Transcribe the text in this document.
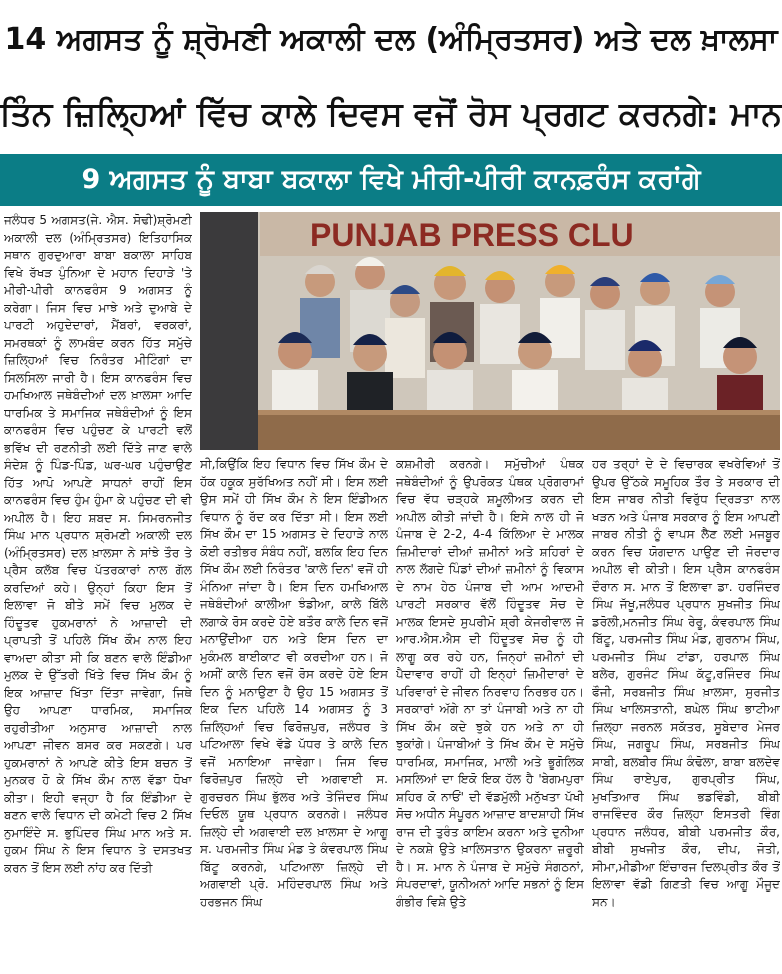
14 ਅਗਸਤ ਨੂੰ ਸ਼੍ਰੋਮਣੀ ਅਕਾਲੀ ਦਲ (ਅੰਮ੍ਰਿਤਸਰ) ਅਤੇ ਦਲ ਖ਼ਾਲਸਾ
ਤਿੰਨ ਜ਼ਿਲ੍ਹਿਆਂ ਵਿੱਚ ਕਾਲੇ ਦਿਵਸ ਵਜੋਂ ਰੋਸ ਪ੍ਰਗਟ ਕਰਨਗੇ: ਮਾਨ
9 ਅਗਸਤ ਨੂੰ ਬਾਬਾ ਬਕਾਲਾ ਵਿਖੇ ਮੀਰੀ-ਪੀਰੀ ਕਾਨਫ਼ਰੰਸ ਕਰਾਂਗੇ

ਜਲੰਧਰ 5 ਅਗਸਤ(ਜੇ. ਐਸ. ਸੋਢੀ)ਸ਼੍ਰੋਮਣੀ ਅਕਾਲੀ ਦਲ (ਅੰਮ੍ਰਿਤਸਰ) ਇਤਿਹਾਸਿਕ ਸਥਾਨ ਗੁਰਦੁਆਰਾ ਬਾਬਾ ਬਕਾਲਾ ਸਾਹਿਬ ਵਿਖੇ ਰੱਖੜ ਪੁੰਨਿਆ ਦੇ ਮਹਾਨ ਦਿਹਾੜੇ 'ਤੇ ਮੀਰੀ-ਪੀਰੀ ਕਾਨਫਰੰਸ 9 ਅਗਸਤ ਨੂੰ ਕਰੇਗਾ। ਜਿਸ ਵਿਚ ਮਾਝੇ ਅਤੇ ਦੁਆਬੇ ਦੇ ਪਾਰਟੀ ਅਹੁਦੇਦਾਰਾਂ, ਮੈਂਬਰਾਂ, ਵਰਕਰਾਂ, ਸਮਰਥਕਾਂ ਨੂੰ ਲਾਮਬੰਦ ਕਰਨ ਹਿੱਤ ਸਮੁੱਚੇ ਜ਼ਿਲ੍ਹਿਆਂ ਵਿਚ ਨਿਰੰਤਰ ਮੀਟਿੰਗਾਂ ਦਾ ਸਿਲਸਿਲਾ ਜਾਰੀ ਹੈ। ਇਸ ਕਾਨਫਰੰਸ ਵਿਚ ਹਮਖਿਆਲ ਜਥੇਬੰਦੀਆਂ ਦਲ ਖ਼ਾਲਸਾ ਆਦਿ ਧਾਰਮਿਕ ਤੇ ਸਮਾਜਿਕ ਜਥੇਬੰਦੀਆਂ ਨੂੰ ਇਸ ਕਾਨਫਰੰਸ ਵਿਚ ਪਹੁੰਚਣ ਕੇ ਪਾਰਟੀ ਵਲੋਂ ਭਵਿੱਖ ਦੀ ਰਣਨੀਤੀ ਲਈ ਦਿੱਤੇ ਜਾਣ ਵਾਲੇ ਸੰਦੇਸ਼ ਨੂੰ ਪਿੰਡ-ਪਿੰਡ, ਘਰ-ਘਰ ਪਹੁੰਚਾਉਣ ਹਿੱਤ ਆਪੋ ਆਪਣੇ ਸਾਧਨਾਂ ਰਾਹੀਂ ਇਸ ਕਾਨਫਰੰਸ ਵਿਚ ਹੁੰਮ ਹੁੰਮਾ ਕੇ ਪਹੁੰਚਣ ਦੀ ਵੀ ਅਪੀਲ ਹੈ। ਇਹ ਸ਼ਬਦ ਸ. ਸਿਮਰਨਜੀਤ ਸਿੰਘ ਮਾਨ ਪ੍ਰਧਾਨ ਸ਼੍ਰੋਮਣੀ ਅਕਾਲੀ ਦਲ (ਅੰਮ੍ਰਿਤਸਰ) ਦਲ ਖ਼ਾਲਸਾ ਨੇ ਸਾਂਝੇ ਤੌਰ ਤੇ ਪ੍ਰੈਸ ਕਲੱਬ ਵਿਚ ਪੱਤਰਕਾਰਾਂ ਨਾਲ ਗੱਲ ਕਰਦਿਆਂ ਕਹੇ। ਉਨ੍ਹਾਂ ਕਿਹਾ ਇਸ ਤੋਂ ਇਲਾਵਾ ਜੋ ਬੀਤੇ ਸਮੇਂ ਵਿਚ ਮੁਲਕ ਦੇ ਹਿੰਦੂਤਵ ਹੁਕਮਰਾਨਾਂ ਨੇ ਆਜ਼ਾਦੀ ਦੀ ਪ੍ਰਾਪਤੀ ਤੋਂ ਪਹਿਲੇ ਸਿੱਖ ਕੌਮ ਨਾਲ ਇਹ ਵਾਅਦਾ ਕੀਤਾ ਸੀ ਕਿ ਬਣਨ ਵਾਲੇ ਇੰਡੀਆ ਮੁਲਕ ਦੇ ਉੱਤਰੀ ਖਿੱਤੇ ਵਿਚ ਸਿੱਖ ਕੌਮ ਨੂੰ ਇਕ ਆਜ਼ਾਦ ਖਿੱਤਾ ਦਿੱਤਾ ਜਾਵੇਗਾ, ਜਿਥੇ ਉਹ ਆਪਣਾ ਧਾਰਮਿਕ, ਸਮਾਜਿਕ ਰਹੁਰੀਤੀਆ ਅਨੁਸਾਰ ਆਜ਼ਾਦੀ ਨਾਲ ਆਪਣਾ ਜੀਵਨ ਬਸਰ ਕਰ ਸਕਣਗੇ। ਪਰ ਹੁਕਮਰਾਨਾਂ ਨੇ ਆਪਣੇ ਕੀਤੇ ਇਸ ਬਚਨ ਤੋਂ ਮੁਨਕਰ ਹੋ ਕੇ ਸਿੱਖ ਕੌਮ ਨਾਲ ਵੱਡਾ ਧੋਖਾ ਕੀਤਾ। ਇਹੀ ਵਜ੍ਹਾ ਹੈ ਕਿ ਇੰਡੀਆ ਦੇ ਬਣਨ ਵਾਲੇ ਵਿਧਾਨ ਦੀ ਕਮੇਟੀ ਵਿਚ 2 ਸਿੱਖ ਨੁਮਾਇੰਦੇ ਸ. ਭੁਪਿੰਦਰ ਸਿੰਘ ਮਾਨ ਅਤੇ ਸ. ਹੁਕਮ ਸਿੰਘ ਨੇ ਇਸ ਵਿਧਾਨ ਤੇ ਦਸਤਖਤ ਕਰਨ ਤੋਂ ਇਸ ਲਈ ਨਾਂਹ ਕਰ ਦਿੱਤੀ

PUNJAB PRESS CLU

ਸੀ,ਕਿਉਂਕਿ ਇਹ ਵਿਧਾਨ ਵਿਚ ਸਿੱਖ ਕੌਮ ਦੇ ਹੱਕ ਹਕੂਕ ਸੁਰੱਖਿਅਤ ਨਹੀਂ ਸੀ। ਇਸ ਲਈ ਉਸ ਸਮੇਂ ਹੀ ਸਿੱਖ ਕੌਮ ਨੇ ਇਸ ਇੰਡੀਅਨ ਵਿਧਾਨ ਨੂੰ ਰੱਦ ਕਰ ਦਿੱਤਾ ਸੀ। ਇਸ ਲਈ ਸਿੱਖ ਕੌਮ ਦਾ 15 ਅਗਸਤ ਦੇ ਦਿਹਾੜੇ ਨਾਲ ਕੋਈ ਰਤੀਭਰ ਸੰਬੰਧ ਨਹੀਂ, ਬਲਕਿ ਇਹ ਦਿਨ ਸਿੱਖ ਕੌਮ ਲਈ ਨਿਰੰਤਰ 'ਕਾਲੇ ਦਿਨ' ਵਜੋਂ ਹੀ ਮੰਨਿਆ ਜਾਂਦਾ ਹੈ। ਇਸ ਦਿਨ ਹਮਖਿਆਲ ਜਥੇਬੰਦੀਆਂ ਕਾਲੀਆ ਝੰਡੀਆ, ਕਾਲੇ ਬਿੱਲੇ ਲਗਾਕੇ ਰੋਸ ਕਰਦੇ ਹੋਏ ਬਤੌਰ ਕਾਲੇ ਦਿਨ ਵਜੋਂ ਮਨਾਉਂਦੀਆ ਹਨ ਅਤੇ ਇਸ ਦਿਨ ਦਾ ਮੁਕੰਮਲ ਬਾਈਕਾਟ ਵੀ ਕਰਦੀਆ ਹਨ। ਜੋ ਅਸੀਂ ਕਾਲੇ ਦਿਨ ਵਜੋਂ ਰੋਸ ਕਰਦੇ ਹੋਏ ਇਸ ਦਿਨ ਨੂੰ ਮਨਾਉਣਾ ਹੈ ਉਹ 15 ਅਗਸਤ ਤੋਂ ਇਕ ਦਿਨ ਪਹਿਲੇ 14 ਅਗਸਤ ਨੂੰ 3 ਜ਼ਿਲ੍ਹਿਆਂ ਵਿਚ ਫਿਰੋਜ਼ਪੁਰ, ਜਲੰਧਰ ਤੇ ਪਟਿਆਲਾ ਵਿਖੇ ਵੱਡੇ ਪੱਧਰ ਤੇ ਕਾਲੇ ਦਿਨ ਵਜੋਂ ਮਨਾਇਆ ਜਾਵੇਗਾ। ਜਿਸ ਵਿਚ ਫਿਰੋਜ਼ਪੁਰ ਜ਼ਿਲ੍ਹੇ ਦੀ ਅਗਵਾਈ ਸ. ਗੁਰਚਰਨ ਸਿੰਘ ਭੁੱਲਰ ਅਤੇ ਤੇਜਿੰਦਰ ਸਿੰਘ ਦਿਓਲ ਯੂਥ ਪ੍ਰਧਾਨ ਕਰਨਗੇ। ਜਲੰਧਰ ਜ਼ਿਲ੍ਹੇ ਦੀ ਅਗਵਾਈ ਦਲ ਖ਼ਾਲਸਾ ਦੇ ਆਗੂ ਸ. ਪਰਮਜੀਤ ਸਿੰਘ ਮੰਡ ਤੇ ਕੰਵਰਪਾਲ ਸਿੰਘ ਬਿੱਟੂ ਕਰਨਗੇ, ਪਟਿਆਲਾ ਜ਼ਿਲ੍ਹੇ ਦੀ ਅਗਵਾਈ ਪ੍ਰੋ. ਮਹਿੰਦਰਪਾਲ ਸਿੰਘ ਅਤੇ ਹਰਭਜਨ ਸਿੰਘ

ਕਸ਼ਮੀਰੀ ਕਰਨਗੇ। ਸਮੁੱਚੀਆਂ ਪੰਥਕ ਜਥੇਬੰਦੀਆਂ ਨੂੰ ਉਪਰੋਕਤ ਪੰਥਕ ਪ੍ਰੋਗਰਾਮਾਂ ਵਿਚ ਵੱਧ ਚੜ੍ਹਕੇ ਸ਼ਮੂਲੀਅਤ ਕਰਨ ਦੀ ਅਪੀਲ ਕੀਤੀ ਜਾਂਦੀ ਹੈ। ਇਸੇ ਨਾਲ ਹੀ ਜੋ ਪੰਜਾਬ ਦੇ 2-2, 4-4 ਕਿੱਲਿਆ ਦੇ ਮਾਲਕ ਜ਼ਿਮੀਦਾਰਾਂ ਦੀਆਂ ਜ਼ਮੀਨਾਂ ਅਤੇ ਸ਼ਹਿਰਾਂ ਦੇ ਨਾਲ ਲੱਗਦੇ ਪਿੰਡਾਂ ਦੀਆਂ ਜ਼ਮੀਨਾਂ ਨੂੰ ਵਿਕਾਸ ਦੇ ਨਾਮ ਹੇਠ ਪੰਜਾਬ ਦੀ ਆਮ ਆਦਮੀ ਪਾਰਟੀ ਸਰਕਾਰ ਵੱਲੋਂ ਹਿੰਦੂਤਵ ਸੋਚ ਦੇ ਮਾਲਕ ਇਸਦੇ ਸੁਪਰੀਮੋ ਸ਼੍ਰੀ ਕੇਜਰੀਵਾਲ ਜੋ ਆਰ.ਐਸ.ਐਸ ਦੀ ਹਿੰਦੂਤਵ ਸੋਚ ਨੂੰ ਹੀ ਲਾਗੂ ਕਰ ਰਹੇ ਹਨ, ਜਿਨ੍ਹਾਂ ਜ਼ਮੀਨਾਂ ਦੀ ਪੈਦਾਵਾਰ ਰਾਹੀਂ ਹੀ ਇਨ੍ਹਾਂ ਜ਼ਿਮੀਦਾਰਾਂ ਦੇ ਪਰਿਵਾਰਾਂ ਦੇ ਜੀਵਨ ਨਿਰਵਾਹ ਨਿਰਭਰ ਹਨ। ਸਰਕਾਰਾਂ ਅੱਗੇ ਨਾ ਤਾਂ ਪੰਜਾਬੀ ਅਤੇ ਨਾ ਹੀ ਸਿੱਖ ਕੌਮ ਕਦੇ ਝੁਕੇ ਹਨ ਅਤੇ ਨਾ ਹੀ ਝੁਕਾਂਗੇ। ਪੰਜਾਬੀਆਂ ਤੇ ਸਿੱਖ ਕੌਮ ਦੇ ਸਮੁੱਚੇ ਧਾਰਮਿਕ, ਸਮਾਜਿਕ, ਮਾਲੀ ਅਤੇ ਭੂਗੋਲਿਕ ਮਸਲਿਆਂ ਦਾ ਇਕੋ ਇਕ ਹੱਲ ਹੈ 'ਬੇਗਮਪੁਰਾ ਸ਼ਹਿਰ ਕੋ ਨਾਓਂ' ਦੀ ਵੱਡਮੁੱਲੀ ਮਨੁੱਖਤਾ ਪੱਖੀ ਸੋਚ ਅਧੀਨ ਸੰਪੂਰਨ ਆਜ਼ਾਦ ਬਾਦਸ਼ਾਹੀ ਸਿੱਖ ਰਾਜ ਦੀ ਤੁਰੰਤ ਕਾਇਮ ਕਰਨਾ ਅਤੇ ਦੁਨੀਆ ਦੇ ਨਕਸ਼ੇ ਉਤੇ ਖ਼ਾਲਿਸਤਾਨ ਉਕਰਨਾ ਜ਼ਰੂਰੀ ਹੈ। ਸ. ਮਾਨ ਨੇ ਪੰਜਾਬ ਦੇ ਸਮੁੱਚੇ ਸੰਗਠਨਾਂ, ਸੰਪਰਦਾਵਾਂ, ਯੂਨੀਅਨਾਂ ਆਦਿ ਸਭਨਾਂ ਨੂੰ ਇਸ ਗੰਭੀਰ ਵਿਸ਼ੇ ਉਤੇ

ਹਰ ਤਰ੍ਹਾਂ ਦੇ ਦੇ ਵਿਚਾਰਕ ਵਖਰੇਵਿਆਂ ਤੋਂ ਉਪਰ ਉੱਠਕੇ ਸਮੂਹਿਕ ਤੌਰ ਤੇ ਸਰਕਾਰ ਦੀ ਇਸ ਜਾਬਰ ਨੀਤੀ ਵਿਰੁੱਧ ਦ੍ਰਿੜਤਾ ਨਾਲ ਖੜਨ ਅਤੇ ਪੰਜਾਬ ਸਰਕਾਰ ਨੂੰ ਇਸ ਆਪਣੀ ਜਾਬਰ ਨੀਤੀ ਨੂੰ ਵਾਪਸ ਲੈਣ ਲਈ ਮਜਬੂਰ ਕਰਨ ਵਿਚ ਯੋਗਦਾਨ ਪਾਉਣ ਦੀ ਜੋਰਦਾਰ ਅਪੀਲ ਵੀ ਕੀਤੀ। ਇਸ ਪ੍ਰੈਸ ਕਾਨਫਰੰਸ ਦੌਰਾਨ ਸ. ਮਾਨ ਤੋਂ ਇਲਾਵਾ ਡਾ. ਹਰਜਿੰਦਰ ਸਿੰਘ ਜੱਖੂ,ਜਲੰਧਰ ਪ੍ਰਧਾਨ ਸੁਖਜੀਤ ਸਿੰਘ ਡਰੋਲੀ,ਮਨਜੀਤ ਸਿੰਘ ਰੇਰੂ, ਕੰਵਰਪਾਲ ਸਿੰਘ ਬਿੱਟੂ, ਪਰਮਜੀਤ ਸਿੰਘ ਮੰਡ, ਗੁਰਨਾਮ ਸਿੰਘ, ਪਰਮਜੀਤ ਸਿੰਘ ਟਾਂਡਾ, ਹਰਪਾਲ ਸਿੰਘ ਬਲੇਰ, ਗੁਰਜੰਟ ਸਿੰਘ ਕੱਟੂ,ਰਜਿੰਦਰ ਸਿੰਘ ਫੌਜੀ, ਸਰਬਜੀਤ ਸਿੰਘ ਖ਼ਾਲਸਾ, ਸੁਰਜੀਤ ਸਿੰਘ ਖਾਲਿਸਤਾਨੀ, ਬਘੇਲ ਸਿੰਘ ਭਾਟੀਆ ਜ਼ਿਲ੍ਹਾ ਜਰਨਲ ਸਕੱਤਰ, ਸੂਬੇਦਾਰ ਮੇਜਰ ਸਿੰਘ, ਜਗਰੂਪ ਸਿੰਘ, ਸਰਬਜੀਤ ਸਿੰਘ ਸਾਬੀ, ਬਲਬੀਰ ਸਿੰਘ ਕੰਢੋਲਾ, ਬਾਬਾ ਬਲਦੇਵ ਸਿੰਘ ਰਾਏਪੁਰ, ਗੁਰਪ੍ਰੀਤ ਸਿੰਘ, ਮੁਖਤਿਆਰ ਸਿੰਘ ਭਡਵਿੰਡੀ, ਬੀਬੀ ਰਾਜਵਿੰਦਰ ਕੌਰ ਜ਼ਿਲ੍ਹਾ ਇਸਤਰੀ ਵਿੰਗ ਪ੍ਰਧਾਨ ਜਲੰਧਰ, ਬੀਬੀ ਪਰਮਜੀਤ ਕੌਰ, ਬੀਬੀ ਸੁਖਜੀਤ ਕੌਰ, ਦੀਪ, ਜੋਤੀ, ਸੀਮਾ,ਮੀਡੀਆ ਇੰਚਾਰਜ ਦਿਲਪ੍ਰੀਤ ਕੌਰ ਤੋਂ ਇਲਾਵਾ ਵੱਡੀ ਗਿਣਤੀ ਵਿਚ ਆਗੂ ਮੌਜੂਦ ਸਨ।
